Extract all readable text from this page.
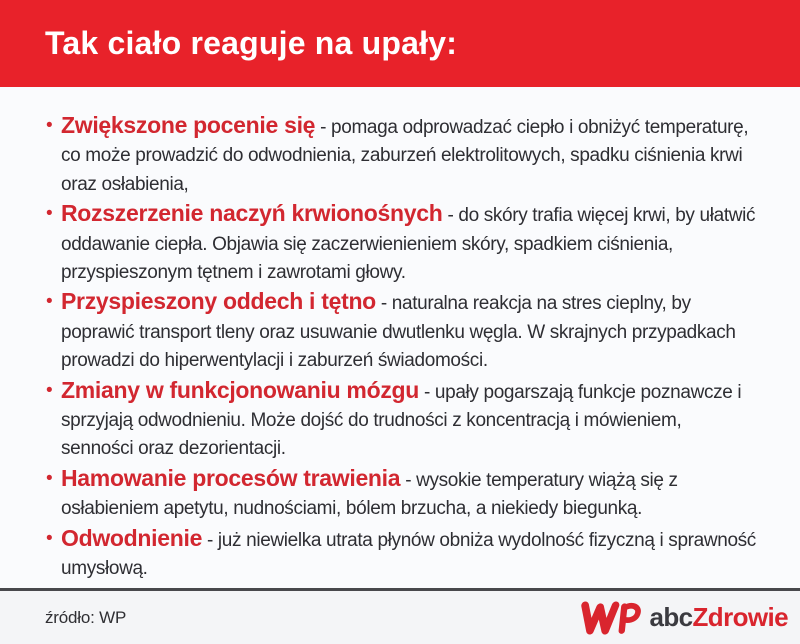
Tak ciało reaguje na upały:
• Zwiększone pocenie się - pomaga odprowadzać ciepło i obniżyć temperaturę, co może prowadzić do odwodnienia, zaburzeń elektrolitowych, spadku ciśnienia krwi oraz osłabienia,
• Rozszerzenie naczyń krwionośnych - do skóry trafia więcej krwi, by ułatwić oddawanie ciepła. Objawia się zaczerwienieniem skóry, spadkiem ciśnienia, przyspieszonym tętnem i zawrotami głowy.
• Przyspieszony oddech i tętno - naturalna reakcja na stres cieplny, by poprawić transport tleny oraz usuwanie dwutlenku węgla. W skrajnych przypadkach prowadzi do hiperwentylacji i zaburzeń świadomości.
• Zmiany w funkcjonowaniu mózgu - upały pogarszają funkcje poznawcze i sprzyjają odwodnieniu. Może dojść do trudności z koncentracją i mówieniem, senności oraz dezorientacji.
• Hamowanie procesów trawienia - wysokie temperatury wiążą się z osłabieniem apetytu, nudnościami, bólem brzucha, a niekiedy biegunką.
• Odwodnienie - już niewielka utrata płynów obniża wydolność fizyczną i sprawność umysłową.
źródło: WP	abcZdrowie
